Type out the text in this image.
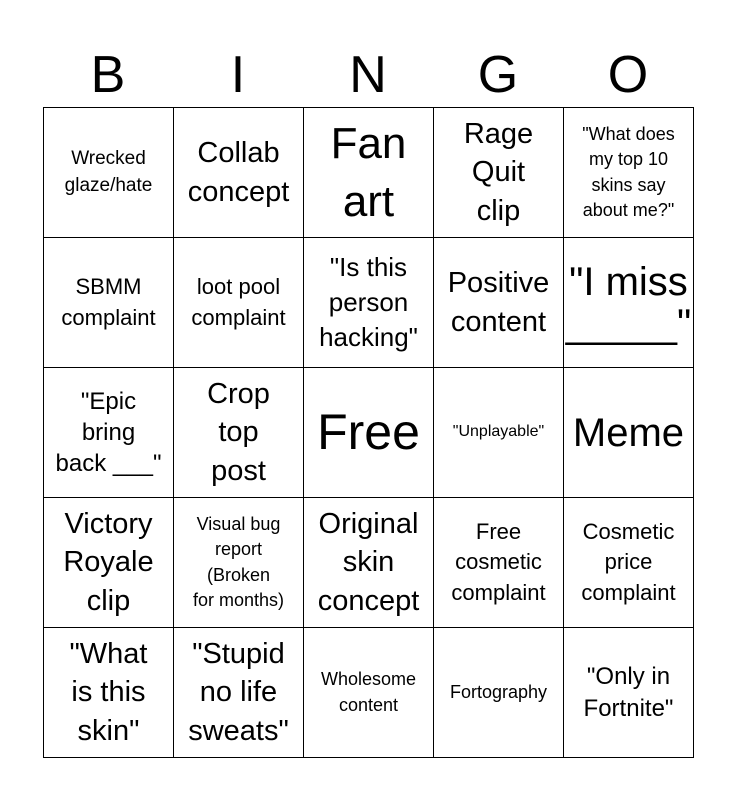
B	I	N	G	O
Wrecked
glaze/hate
Collab
concept
Fan
art
Rage
Quit
clip
"What does
my top 10
skins say
about me?"
SBMM
complaint
loot pool
complaint
"Is this
person
hacking"
Positive
content
"I miss
_____"
"Epic
bring
back ___"
Crop
top
post
Free "Unplayable" Meme
Victory
Royale
clip
Visual bug
report
(Broken
for months)
Original
skin
concept
Free
cosmetic
complaint
Cosmetic
price
complaint
"What
is this
skin"
"Stupid
no life
sweats"
Wholesome
content
Fortography
"Only in
Fortnite"
